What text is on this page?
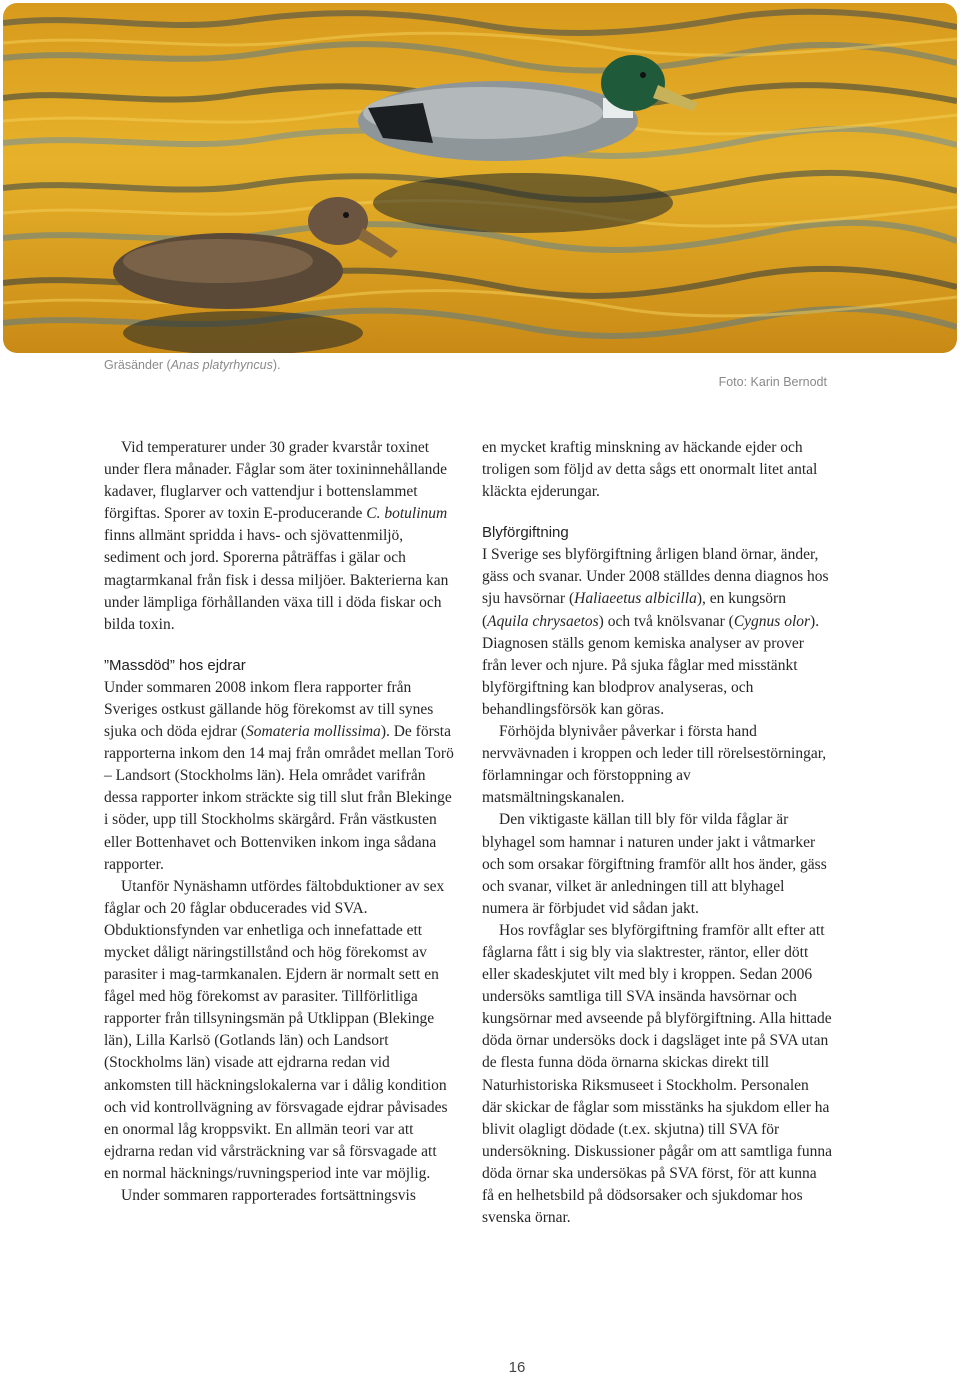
Gräsänder (Anas platyrhyncus).
Foto: Karin Bernodt

Vid temperaturer under 30 grader kvarstår toxinet under flera månader. Fåglar som äter toxininnehållande kadaver, fluglarver och vattendjur i bottenslammet förgiftas. Sporer av toxin E-producerande C. botulinum finns allmänt spridda i havs- och sjövattenmiljö, sediment och jord. Sporerna påträffas i gälar och magtarmkanal från fisk i dessa miljöer. Bakterierna kan under lämpliga förhållanden växa till i döda fiskar och bilda toxin.

”Massdöd” hos ejdrar

Under sommaren 2008 inkom flera rapporter från Sveriges ostkust gällande hög förekomst av till synes sjuka och döda ejdrar (Somateria mollissima). De första rapporterna inkom den 14 maj från området mellan Torö – Landsort (Stockholms län). Hela området varifrån dessa rapporter inkom sträckte sig till slut från Blekinge i söder, upp till Stockholms skärgård. Från västkusten eller Bottenhavet och Bottenviken inkom inga sådana rapporter.

Utanför Nynäshamn utfördes fältobduktioner av sex fåglar och 20 fåglar obducerades vid SVA. Obduktionsfynden var enhetliga och innefattade ett mycket dåligt näringstillstånd och hög förekomst av parasiter i mag-tarmkanalen. Ejdern är normalt sett en fågel med hög förekomst av parasiter. Tillförlitliga rapporter från tillsyningsmän på Utklippan (Blekinge län), Lilla Karlsö (Gotlands län) och Landsort (Stockholms län) visade att ejdrarna redan vid ankomsten till häckningslokalerna var i dålig kondition och vid kontrollvägning av försvagade ejdrar påvisades en onormal låg kroppsvikt. En allmän teori var att ejdrarna redan vid vårsträckning var så försvagade att en normal häcknings/ruvningsperiod inte var möjlig.

Under sommaren rapporterades fortsättningsvis

en mycket kraftig minskning av häckande ejder och troligen som följd av detta sågs ett onormalt litet antal kläckta ejderungar.

Blyförgiftning

I Sverige ses blyförgiftning årligen bland örnar, änder, gäss och svanar. Under 2008 ställdes denna diagnos hos sju havsörnar (Haliaeetus albicilla), en kungsörn (Aquila chrysaetos) och två knölsvanar (Cygnus olor). Diagnosen ställs genom kemiska analyser av prover från lever och njure. På sjuka fåglar med misstänkt blyförgiftning kan blodprov analyseras, och behandlingsförsök kan göras.

Förhöjda blynivåer påverkar i första hand nervvävnaden i kroppen och leder till rörelsestörningar, förlamningar och förstoppning av matsmältningskanalen.

Den viktigaste källan till bly för vilda fåglar är blyhagel som hamnar i naturen under jakt i våtmarker och som orsakar förgiftning framför allt hos änder, gäss och svanar, vilket är anledningen till att blyhagel numera är förbjudet vid sådan jakt.

Hos rovfåglar ses blyförgiftning framför allt efter att fåglarna fått i sig bly via slaktrester, räntor, eller dött eller skadeskjutet vilt med bly i kroppen. Sedan 2006 undersöks samtliga till SVA insända havsörnar och kungsörnar med avseende på blyförgiftning. Alla hittade döda örnar undersöks dock i dagsläget inte på SVA utan de flesta funna döda örnarna skickas direkt till Naturhistoriska Riksmuseet i Stockholm. Personalen där skickar de fåglar som misstänks ha sjukdom eller ha blivit olagligt dödade (t.ex. skjutna) till SVA för undersökning. Diskussioner pågår om att samtliga funna döda örnar ska undersökas på SVA först, för att kunna få en helhetsbild på dödsorsaker och sjukdomar hos svenska örnar.

16
